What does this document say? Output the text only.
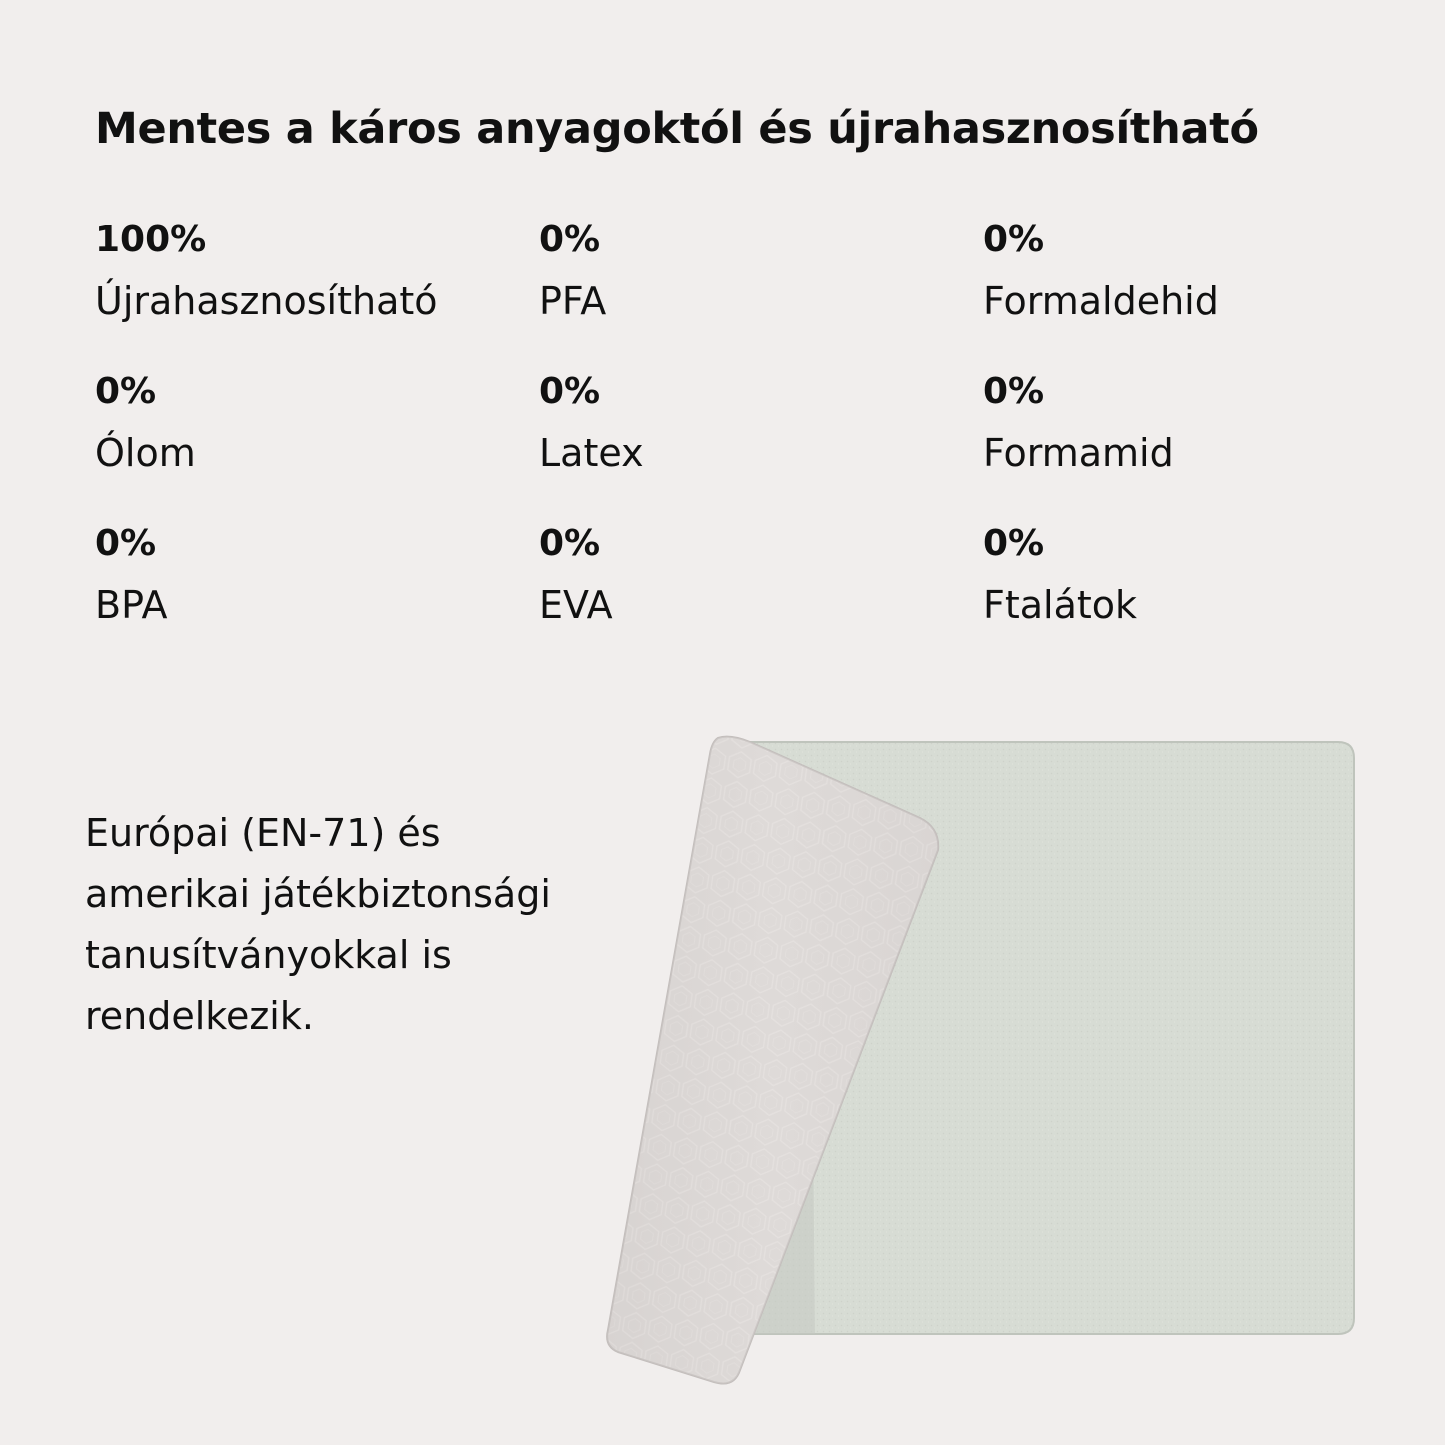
Mentes a káros anyagoktól és újrahasznosítható
100%
Újrahasznosítható
0%
PFA
0%
Formaldehid
0%
Ólom
0%
Latex
0%
Formamid
0%
BPA
0%
EVA
0%
Ftalátok

Európai (EN-71) és
amerikai játékbiztonsági
tanusítványokkal is
rendelkezik.
